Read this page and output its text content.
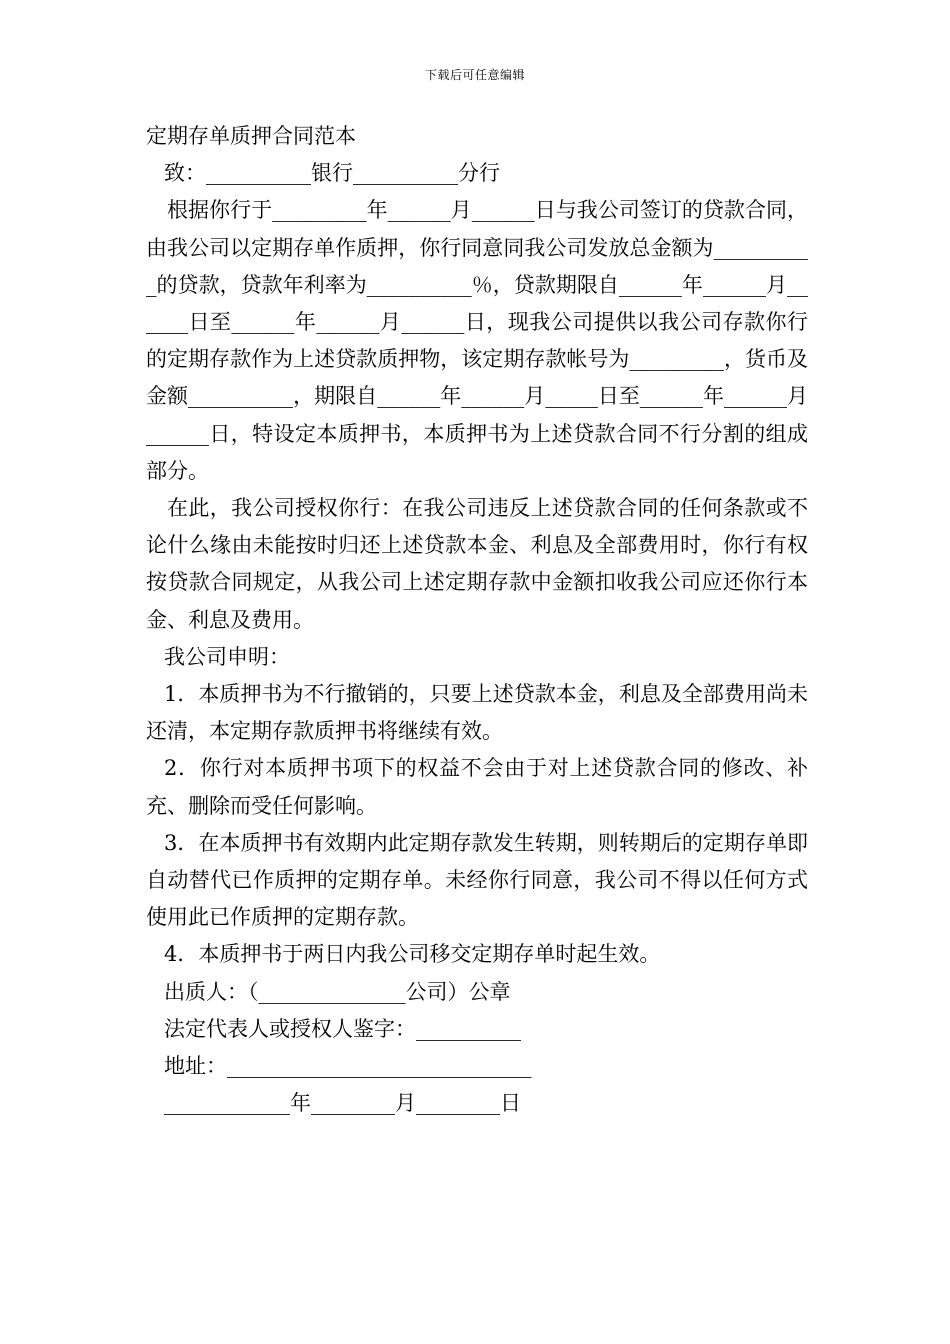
下载后可任意编辑
定期存单质押合同范本

致：__________银行__________分行

根据你行于_________年______月______日与我公司签订的贷款合同，由我公司以定期存单作质押，你行同意同我公司发放总金额为__________的贷款，贷款年利率为__________％，贷款期限自______年______月______日至______年______月______日，现我公司提供以我公司存款你行的定期存款作为上述贷款质押物，该定期存款帐号为_________，货币及金额__________，期限自______年______月_____日至______年______月______日，特设定本质押书，本质押书为上述贷款合同不行分割的组成部分。

在此，我公司授权你行：在我公司违反上述贷款合同的任何条款或不论什么缘由未能按时归还上述贷款本金、利息及全部费用时，你行有权按贷款合同规定，从我公司上述定期存款中金额扣收我公司应还你行本金、利息及费用。

我公司申明：

1．本质押书为不行撤销的，只要上述贷款本金，利息及全部费用尚未还清，本定期存款质押书将继续有效。

2．你行对本质押书项下的权益不会由于对上述贷款合同的修改、补充、删除而受任何影响。

3．在本质押书有效期内此定期存款发生转期，则转期后的定期存单即自动替代已作质押的定期存单。未经你行同意，我公司不得以任何方式使用此已作质押的定期存款。

4．本质押书于两日内我公司移交定期存单时起生效。

出质人：（______________公司）公章

法定代表人或授权人鉴字：__________

地址：_____________________________

____________年________月________日
